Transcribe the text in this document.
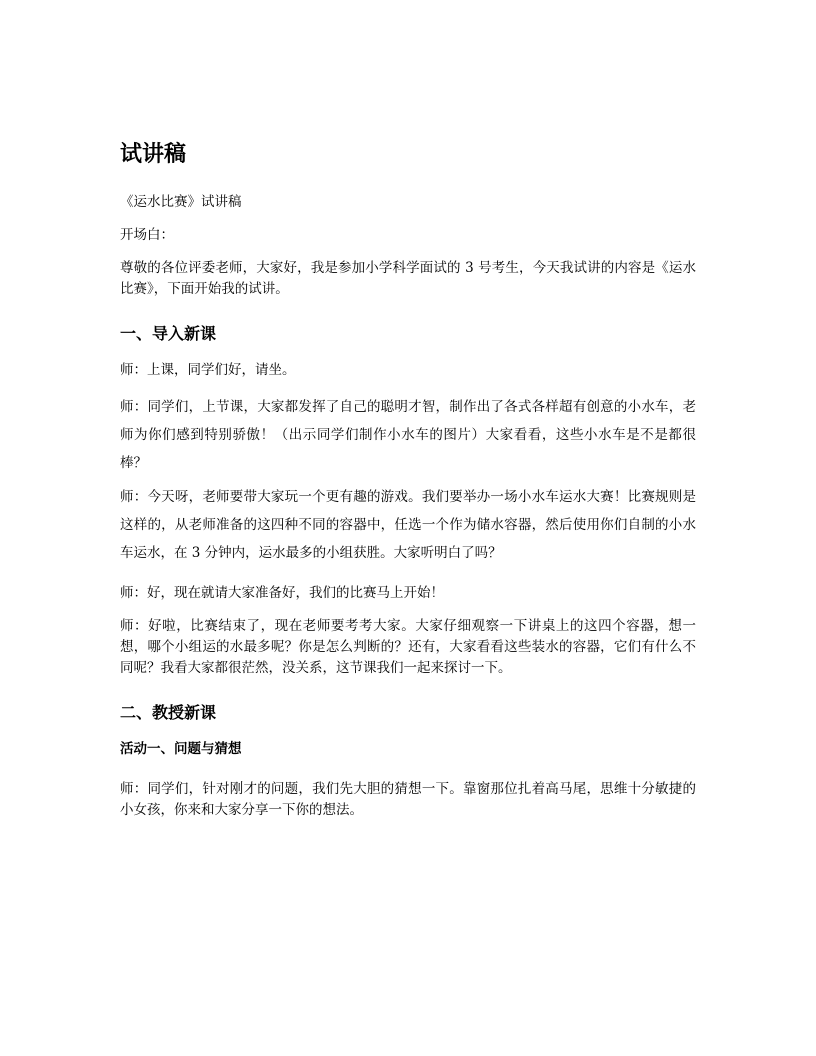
试讲稿

《运水比赛》试讲稿

开场白：

尊敬的各位评委老师，大家好，我是参加小学科学面试的 3 号考生，今天我试讲的内容是《运水比赛》，下面开始我的试讲。

一、导入新课

师：上课，同学们好，请坐。

师：同学们，上节课，大家都发挥了自己的聪明才智，制作出了各式各样超有创意的小水车，老师为你们感到特别骄傲！（出示同学们制作小水车的图片）大家看看，这些小水车是不是都很棒？

师：今天呀，老师要带大家玩一个更有趣的游戏。我们要举办一场小水车运水大赛！比赛规则是这样的，从老师准备的这四种不同的容器中，任选一个作为储水容器，然后使用你们自制的小水车运水，在 3 分钟内，运水最多的小组获胜。大家听明白了吗？

师：好，现在就请大家准备好，我们的比赛马上开始！

师：好啦，比赛结束了，现在老师要考考大家。大家仔细观察一下讲桌上的这四个容器，想一想，哪个小组运的水最多呢？你是怎么判断的？还有，大家看看这些装水的容器，它们有什么不同呢？我看大家都很茫然，没关系，这节课我们一起来探讨一下。

二、教授新课
活动一、问题与猜想

师：同学们，针对刚才的问题，我们先大胆的猜想一下。靠窗那位扎着高马尾，思维十分敏捷的小女孩，你来和大家分享一下你的想法。
